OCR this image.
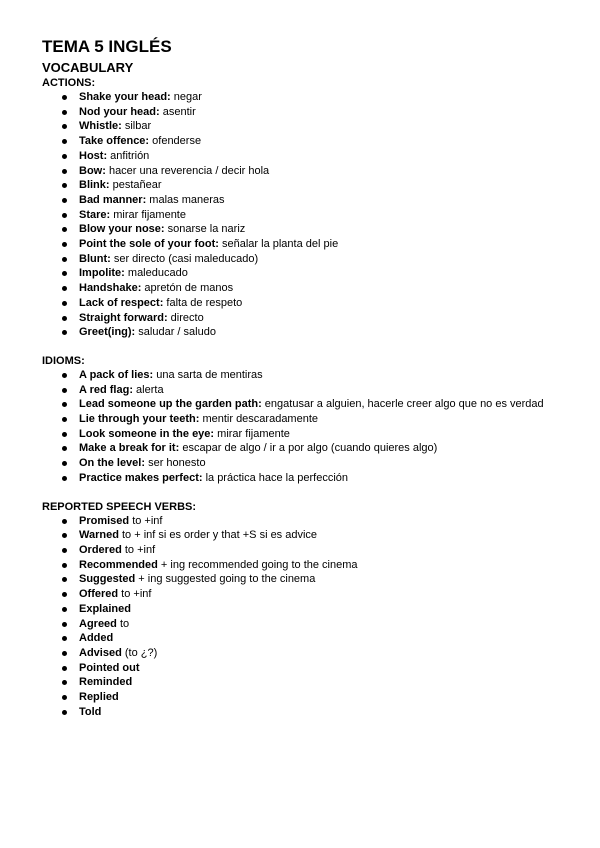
TEMA 5 INGLÉS
VOCABULARY
ACTIONS:
Shake your head: negar
Nod your head: asentir
Whistle: silbar
Take offence: ofenderse
Host: anfitrión
Bow: hacer una reverencia / decir hola
Blink: pestañear
Bad manner: malas maneras
Stare: mirar fijamente
Blow your nose: sonarse la nariz
Point the sole of your foot: señalar la planta del pie
Blunt: ser directo (casi maleducado)
Impolite: maleducado
Handshake: apretón de manos
Lack of respect: falta de respeto
Straight forward: directo
Greet(ing): saludar / saludo
IDIOMS:
A pack of lies: una sarta de mentiras
A red flag: alerta
Lead someone up the garden path: engatusar a alguien, hacerle creer algo que no es verdad
Lie through your teeth: mentir descaradamente
Look someone in the eye: mirar fijamente
Make a break for it: escapar de algo / ir a por algo (cuando quieres algo)
On the level: ser honesto
Practice makes perfect: la práctica hace la perfección
REPORTED SPEECH VERBS:
Promised to +inf
Warned to + inf si es order y that +S si es advice
Ordered to +inf
Recommended + ing recommended going to the cinema
Suggested + ing suggested going to the cinema
Offered to +inf
Explained
Agreed to
Added
Advised (to ¿?)
Pointed out
Reminded
Replied
Told
